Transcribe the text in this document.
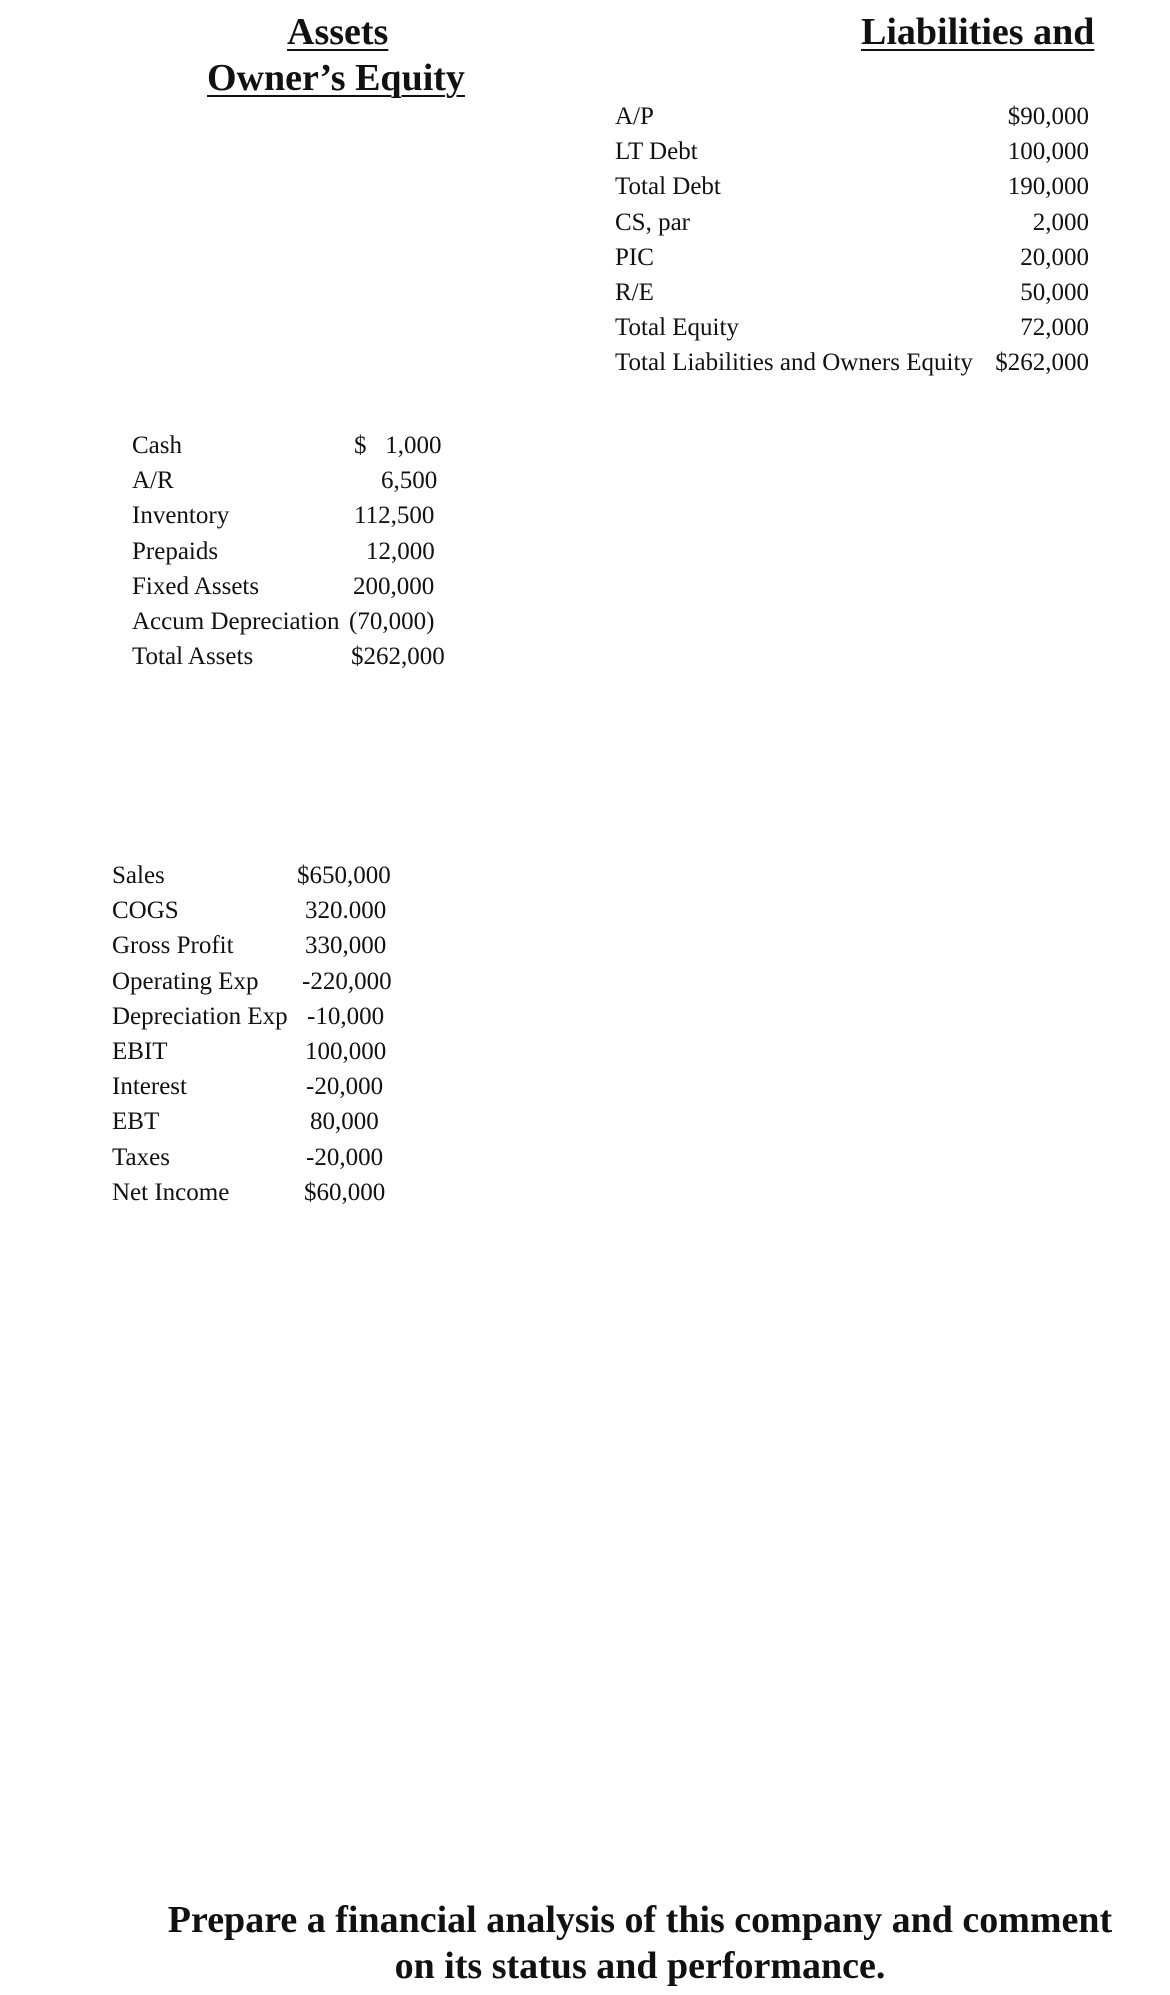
Assets	Liabilities and
Owner’s Equity
A/P	$90,000
LT Debt	100,000
Total Debt	190,000
CS, par	2,000
PIC	20,000
R/E	50,000
Total Equity	72,000
Total Liabilities and Owners Equity $262,000
Cash	$   1,000
A/R	6,500
Inventory	112,500
Prepaids	12,000
Fixed Assets	200,000
Accum Depreciation (70,000)
Total Assets	$262,000
Sales	$650,000
COGS	320.000
Gross Profit	330,000
Operating Exp -220,000
Depreciation Exp -10,000
EBIT	100,000
Interest	-20,000
EBT	80,000
Taxes	-20,000
Net Income	$60,000
Prepare a financial analysis of this company and comment
on its status and performance.
